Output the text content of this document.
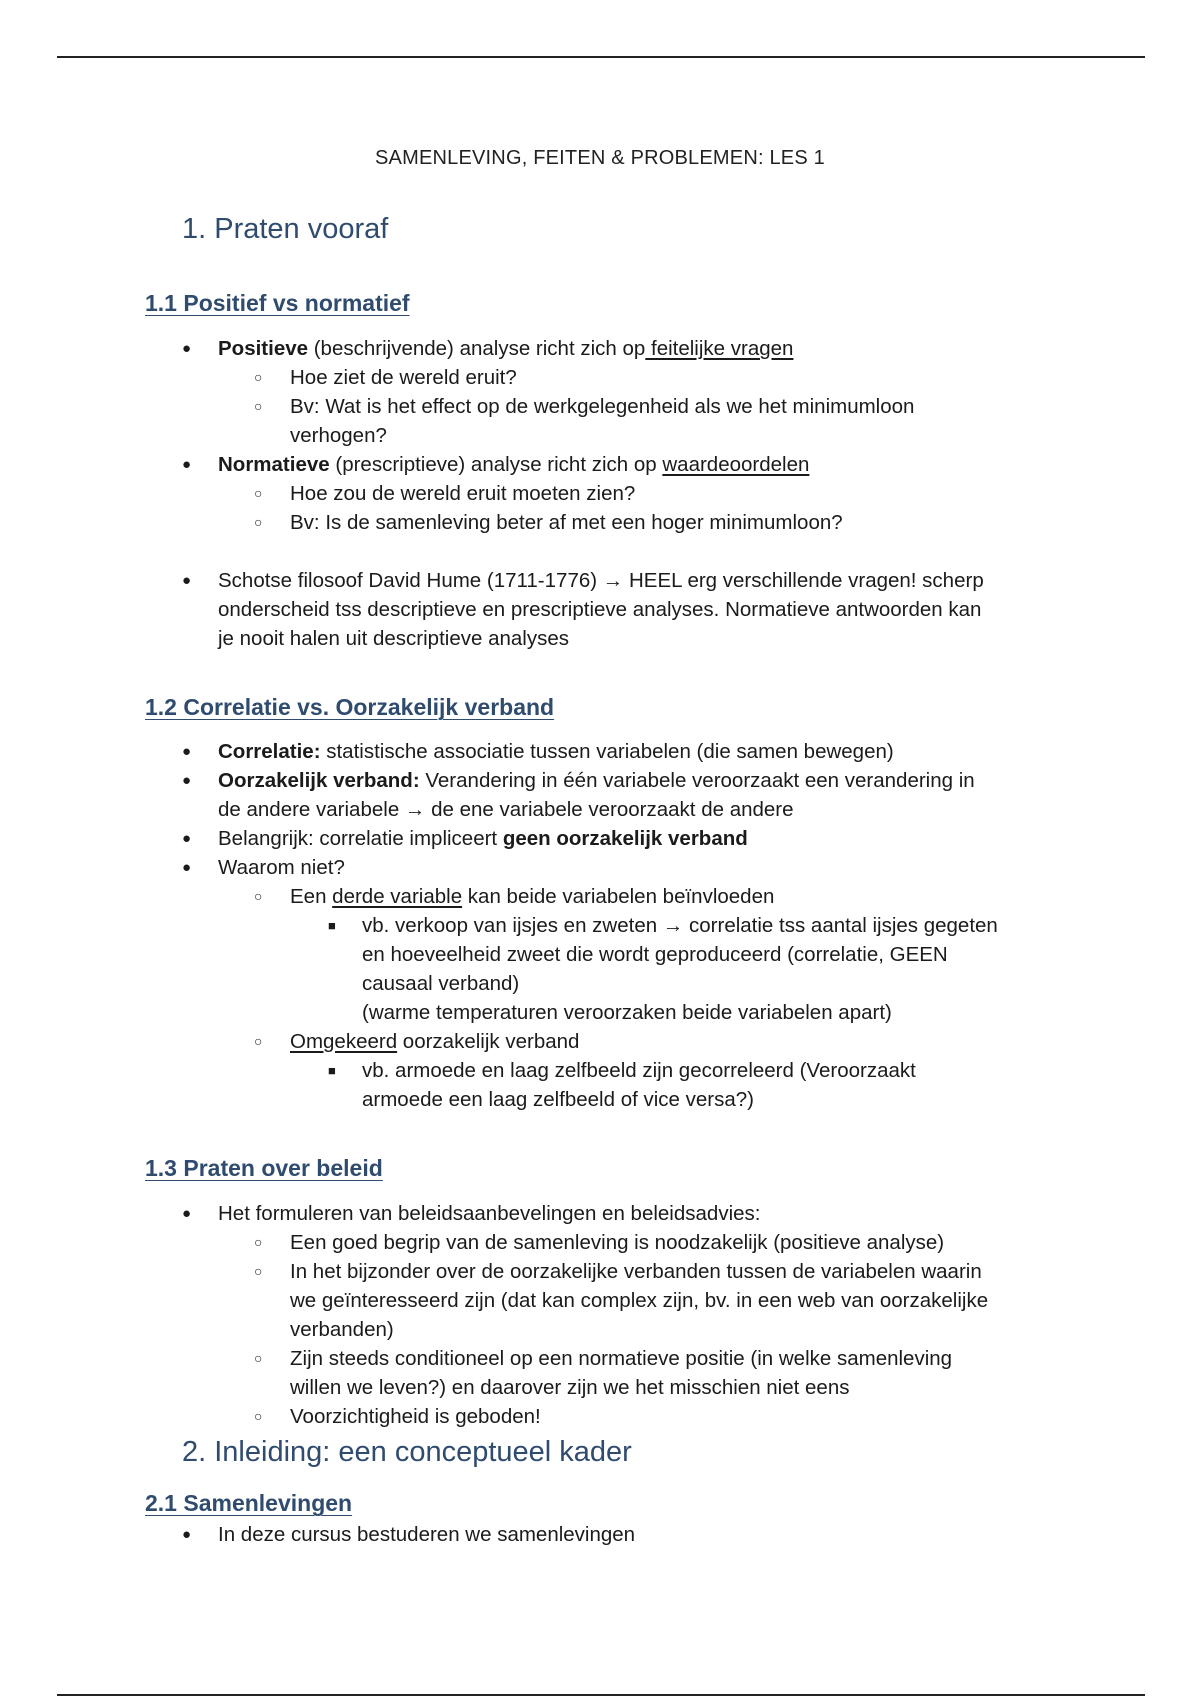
SAMENLEVING, FEITEN & PROBLEMEN: LES 1
1. Praten vooraf
1.1 Positief vs normatief
● Positieve (beschrijvende) analyse richt zich op feitelijke vragen
○ Hoe ziet de wereld eruit?
○ Bv: Wat is het effect op de werkgelegenheid als we het minimumloon
verhogen?
● Normatieve (prescriptieve) analyse richt zich op waardeoordelen
○ Hoe zou de wereld eruit moeten zien?
○ Bv: Is de samenleving beter af met een hoger minimumloon?
● Schotse filosoof David Hume (1711-1776) → HEEL erg verschillende vragen! scherp
onderscheid tss descriptieve en prescriptieve analyses. Normatieve antwoorden kan
je nooit halen uit descriptieve analyses
1.2 Correlatie vs. Oorzakelijk verband
● Correlatie: statistische associatie tussen variabelen (die samen bewegen)
● Oorzakelijk verband: Verandering in één variabele veroorzaakt een verandering in
de andere variabele → de ene variabele veroorzaakt de andere
● Belangrijk: correlatie impliceert geen oorzakelijk verband
● Waarom niet?
○ Een derde variable kan beide variabelen beïnvloeden
■ vb. verkoop van ijsjes en zweten → correlatie tss aantal ijsjes gegeten
en hoeveelheid zweet die wordt geproduceerd (correlatie, GEEN
causaal verband)
(warme temperaturen veroorzaken beide variabelen apart)
○ Omgekeerd oorzakelijk verband
■ vb. armoede en laag zelfbeeld zijn gecorreleerd (Veroorzaakt
armoede een laag zelfbeeld of vice versa?)
1.3 Praten over beleid
● Het formuleren van beleidsaanbevelingen en beleidsadvies:
○ Een goed begrip van de samenleving is noodzakelijk (positieve analyse)
○ In het bijzonder over de oorzakelijke verbanden tussen de variabelen waarin
we geïnteresseerd zijn (dat kan complex zijn, bv. in een web van oorzakelijke
verbanden)
○ Zijn steeds conditioneel op een normatieve positie (in welke samenleving
willen we leven?) en daarover zijn we het misschien niet eens
○ Voorzichtigheid is geboden!
2. Inleiding: een conceptueel kader
2.1 Samenlevingen
● In deze cursus bestuderen we samenlevingen
